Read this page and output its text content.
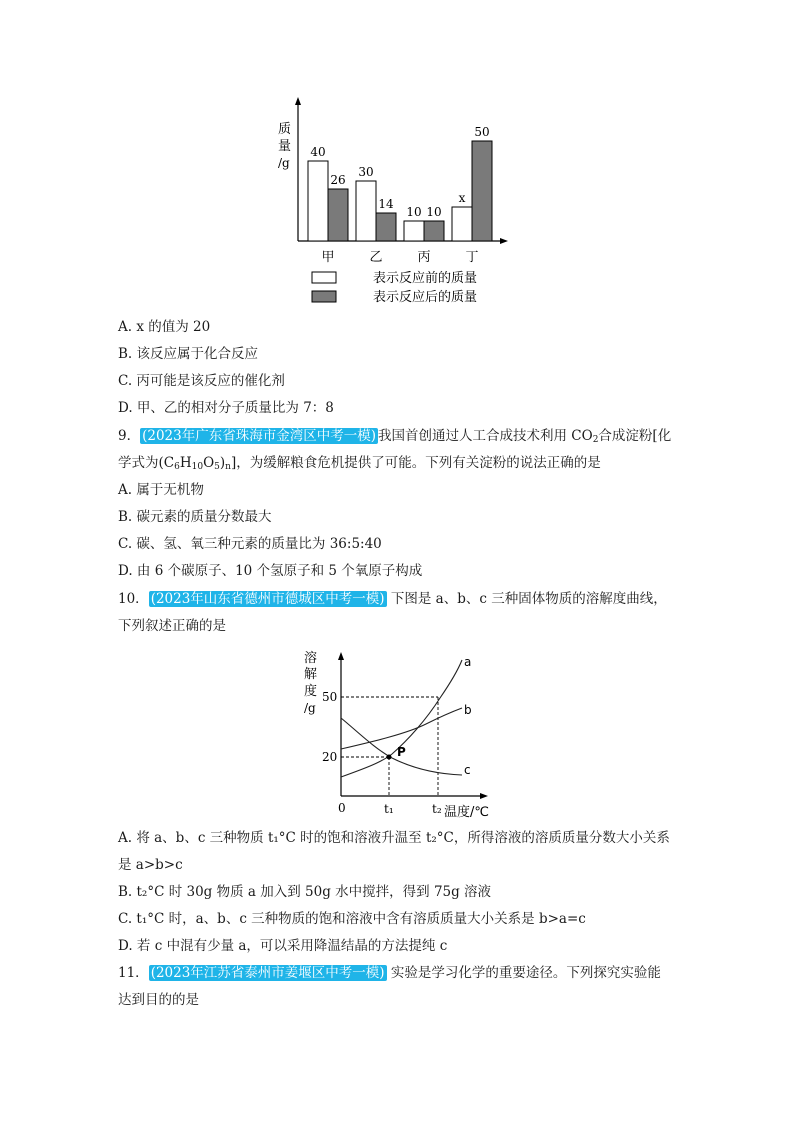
质
量
/g
40
26
30
14
10 10
x
50
甲	乙	丙	丁
表示反应前的质量
表示反应后的质量
A. x 的值为 20
B. 该反应属于化合反应
C. 丙可能是该反应的催化剂
D. 甲、乙的相对分子质量比为 7：8
9． (2023年广东省珠海市金湾区中考一模) 我国首创通过人工合成技术利用 $CO_2$合成淀粉[化
学式为$(C_6H_{10}O_5)_n$]，为缓解粮食危机提供了可能。下列有关淀粉的说法正确的是
A. 属于无机物
B. 碳元素的质量分数最大
C. 碳、氢、氧三种元素的质量比为 36:5:40
D. 由 6 个碳原子、10 个氢原子和 5 个氧原子构成
10． (2023年山东省德州市德城区中考一模) 下图是 a、b、c 三种固体物质的溶解度曲线，
下列叙述正确的是
溶
解
度
/g
P
a
b
c
50
20
0	t₁	t₂ 温度/℃
A. 将 a、b、c 三种物质 t₁°C 时的饱和溶液升温至 t₂°C，所得溶液的溶质质量分数大小关系
是 a>b>c
B. t₂°C 时 30g 物质 a 加入到 50g 水中搅拌，得到 75g 溶液
C. t₁°C 时，a、b、c 三种物质的饱和溶液中含有溶质质量大小关系是 b>a=c
D. 若 c 中混有少量 a，可以采用降温结晶的方法提纯 c
11． (2023年江苏省泰州市姜堰区中考一模) 实验是学习化学的重要途径。下列探究实验能
达到目的的是
